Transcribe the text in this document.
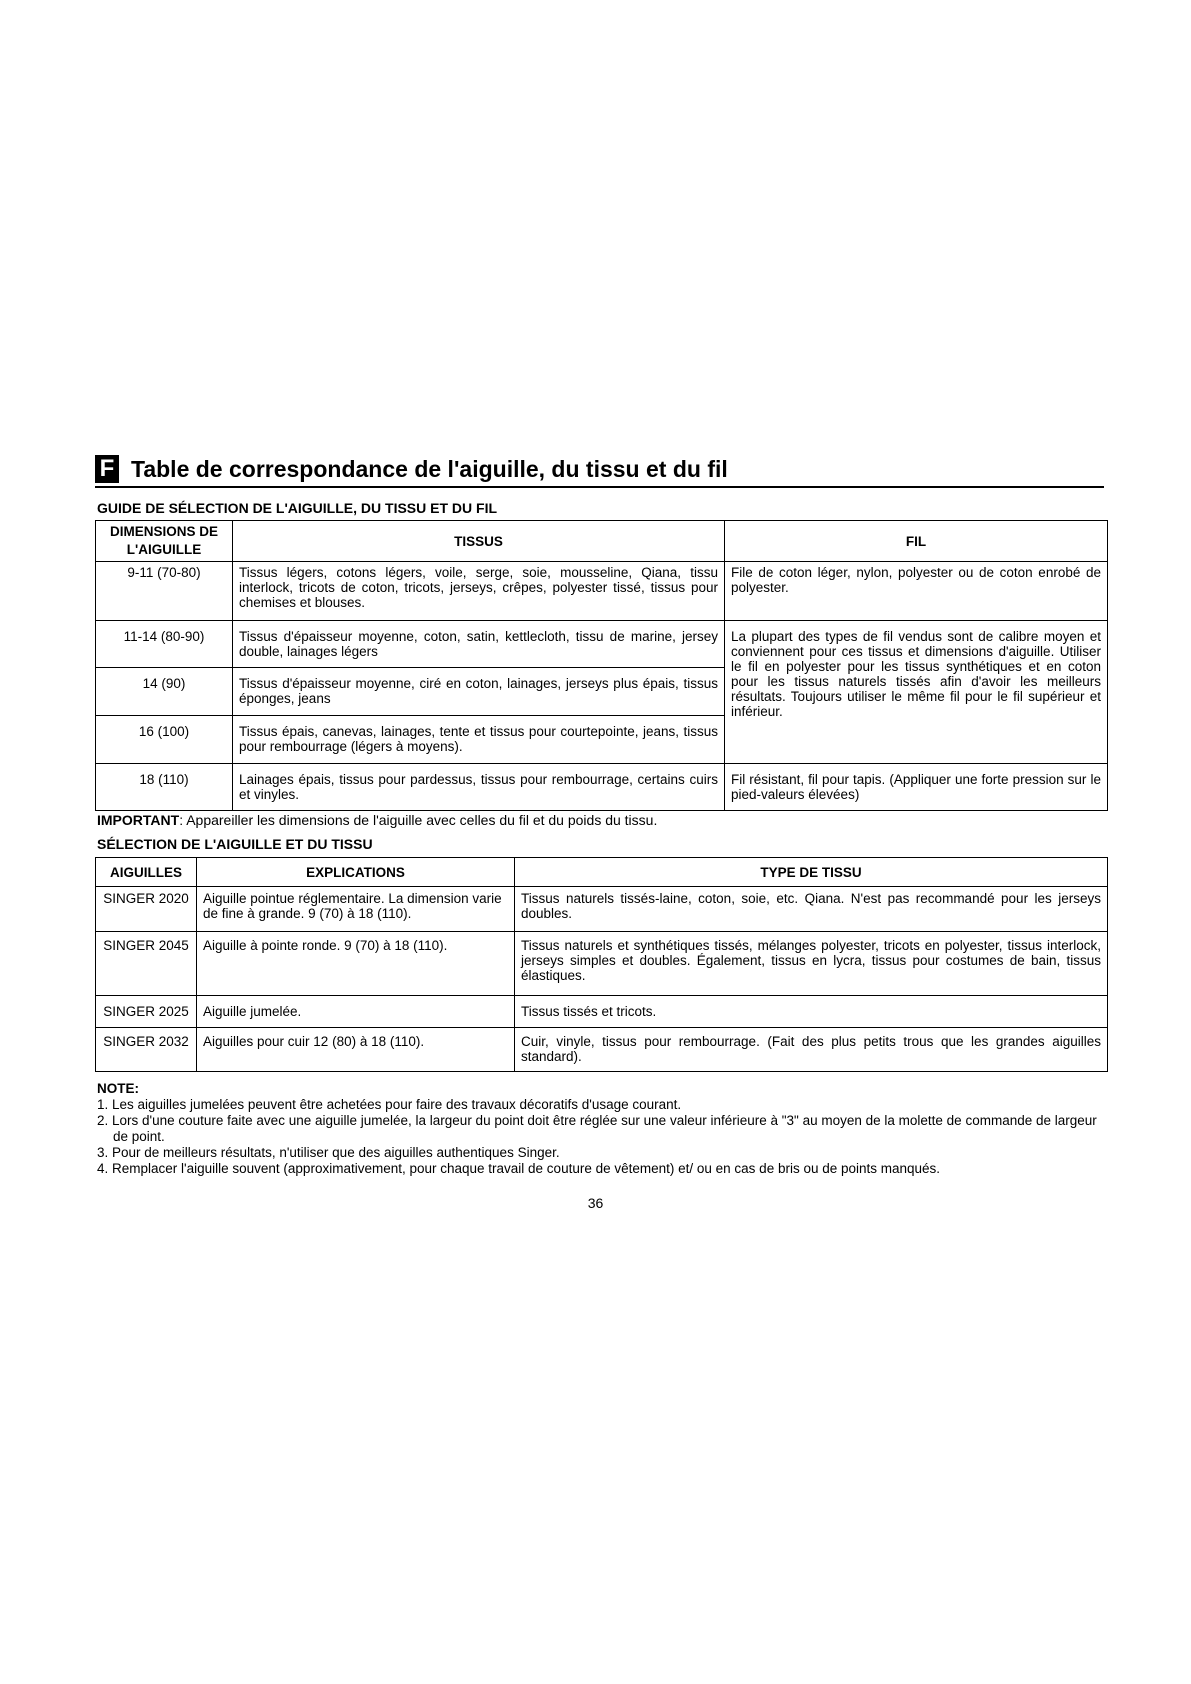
F Table de correspondance de l'aiguille, du tissu et du fil
GUIDE DE SÉLECTION DE L'AIGUILLE, DU TISSU ET DU FIL
DIMENSIONS DE L'AIGUILLE	TISSUS	FIL
9-11 (70-80)	Tissus légers, cotons légers, voile, serge, soie, mousseline, Qiana, tissu interlock, tricots de coton, tricots, jerseys, crêpes, polyester tissé, tissus pour chemises et blouses.	File de coton léger, nylon, polyester ou de coton enrobé de polyester.
11-14 (80-90)	Tissus d'épaisseur moyenne, coton, satin, kettlecloth, tissu de marine, jersey double, lainages légers	La plupart des types de fil vendus sont de calibre moyen et conviennent pour ces tissus et dimensions d'aiguille. Utiliser le fil en polyester pour les tissus synthétiques et en coton pour les tissus naturels tissés afin d'avoir les meilleurs résultats. Toujours utiliser le même fil pour le fil supérieur et inférieur.
14 (90)	Tissus d'épaisseur moyenne, ciré en coton, lainages, jerseys plus épais, tissus éponges, jeans	
16 (100)	Tissus épais, canevas, lainages, tente et tissus pour courtepointe, jeans, tissus pour rembourrage (légers à moyens).	
18 (110)	Lainages épais, tissus pour pardessus, tissus pour rembourrage, certains cuirs et vinyles.	Fil résistant, fil pour tapis. (Appliquer une forte pression sur le pied-valeurs élevées)
IMPORTANT: Appareiller les dimensions de l'aiguille avec celles du fil et du poids du tissu.
SÉLECTION DE L'AIGUILLE ET DU TISSU
AIGUILLES	EXPLICATIONS	TYPE DE TISSU
SINGER 2020	Aiguille pointue réglementaire. La dimension varie de fine à grande. 9 (70) à 18 (110).	Tissus naturels tissés-laine, coton, soie, etc. Qiana. N'est pas recommandé pour les jerseys doubles.
SINGER 2045	Aiguille à pointe ronde. 9 (70) à 18 (110).	Tissus naturels et synthétiques tissés, mélanges polyester, tricots en polyester, tissus interlock, jerseys simples et doubles. Également, tissus en lycra, tissus pour costumes de bain, tissus élastiques.
SINGER 2025	Aiguille jumelée.	Tissus tissés et tricots.
SINGER 2032	Aiguilles pour cuir 12 (80) à 18 (110).	Cuir, vinyle, tissus pour rembourrage. (Fait des plus petits trous que les grandes aiguilles standard).
NOTE:
1. Les aiguilles jumelées peuvent être achetées pour faire des travaux décoratifs d'usage courant.
2. Lors d'une couture faite avec une aiguille jumelée, la largeur du point doit être réglée sur une valeur inférieure à "3" au moyen de la molette de commande de largeur de point.
3. Pour de meilleurs résultats, n'utiliser que des aiguilles authentiques Singer.
4. Remplacer l'aiguille souvent (approximativement, pour chaque travail de couture de vêtement) et/ ou en cas de bris ou de points manqués.
36
